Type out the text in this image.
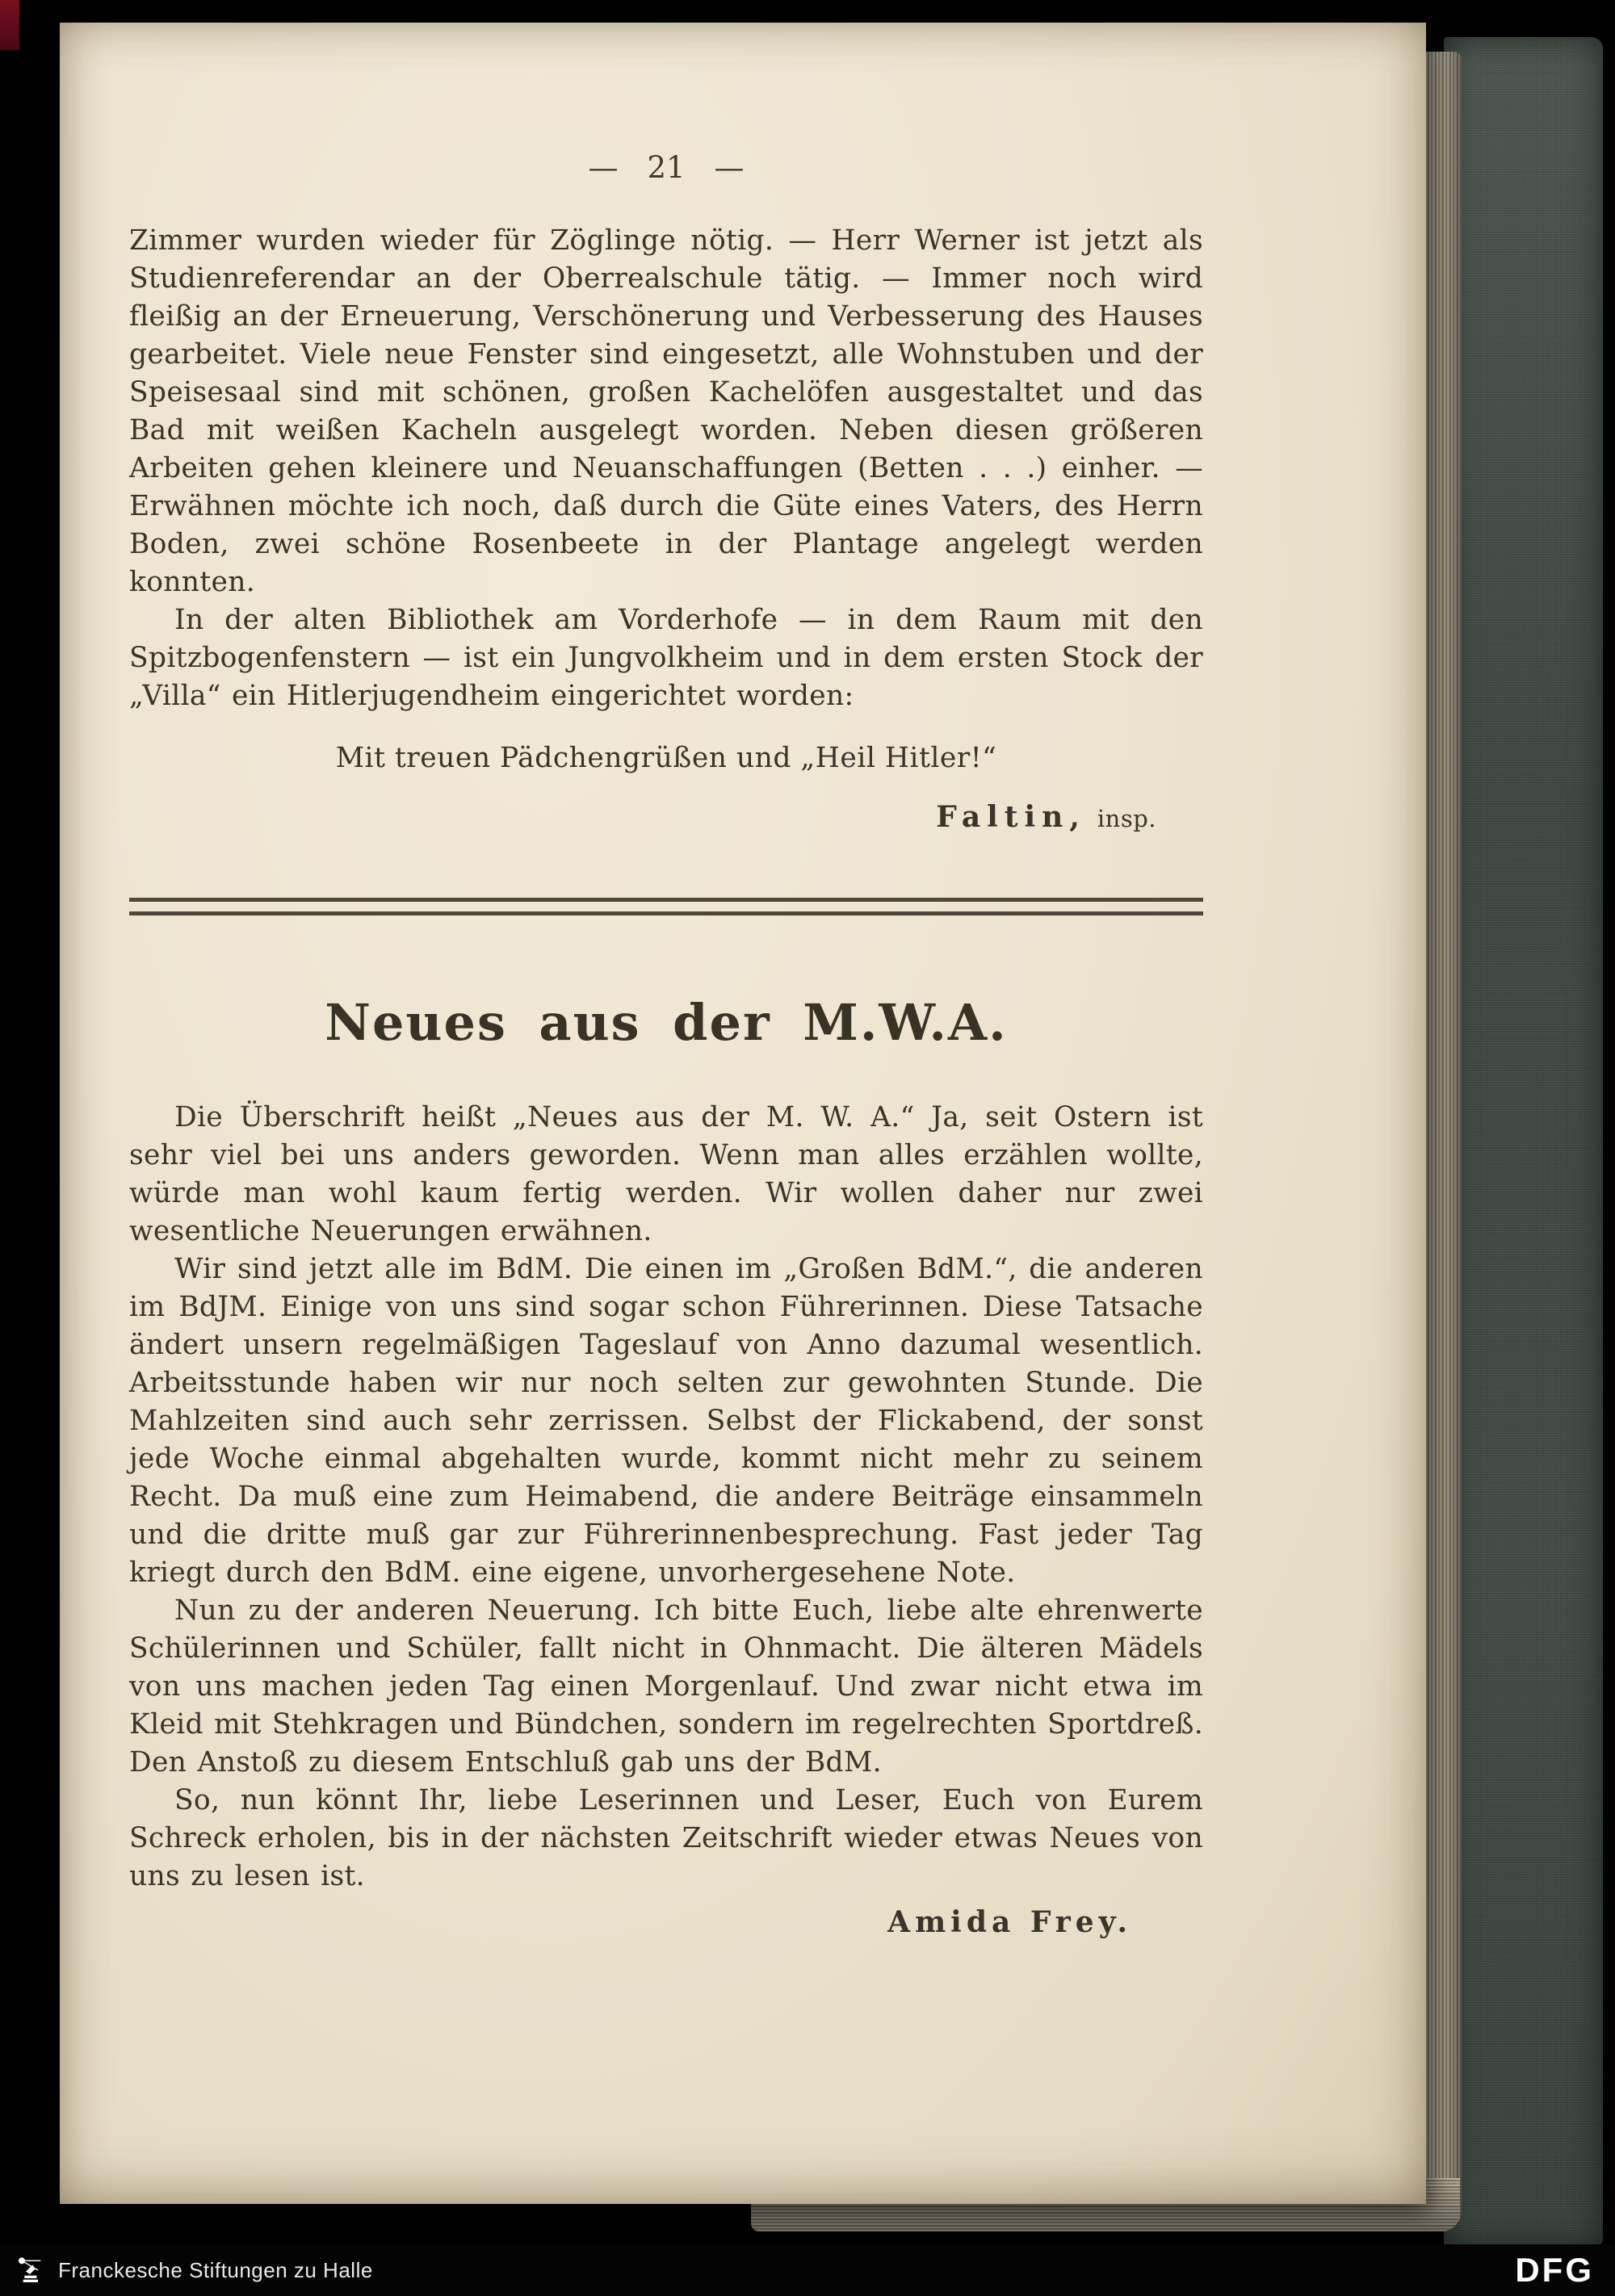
— 21 —

Zimmer wurden wieder für Zöglinge nötig. — Herr Werner ist jetzt als Studienreferendar an der Oberrealschule tätig. — Immer noch wird fleißig an der Erneuerung, Verschönerung und Verbesserung des Hauses gearbeitet. Viele neue Fenster sind eingesetzt, alle Wohnstuben und der Speisesaal sind mit schönen, großen Kachelöfen ausgestaltet und das Bad mit weißen Kacheln ausgelegt worden. Neben diesen größeren Arbeiten gehen kleinere und Neuanschaffungen (Betten . . .) einher. — Erwähnen möchte ich noch, daß durch die Güte eines Vaters, des Herrn Boden, zwei schöne Rosenbeete in der Plantage angelegt werden konnten.

In der alten Bibliothek am Vorderhofe — in dem Raum mit den Spitzbogenfenstern — ist ein Jungvolkheim und in dem ersten Stock der „Villa“ ein Hitlerjugendheim eingerichtet worden:

Mit treuen Pädchengrüßen und „Heil Hitler!“

Faltin, insp.

Neues aus der M.W.A.

Die Überschrift heißt „Neues aus der M. W. A.“ Ja, seit Ostern ist sehr viel bei uns anders geworden. Wenn man alles erzählen wollte, würde man wohl kaum fertig werden. Wir wollen daher nur zwei wesentliche Neuerungen erwähnen.

Wir sind jetzt alle im BdM. Die einen im „Großen BdM.“, die anderen im BdJM. Einige von uns sind sogar schon Führerinnen. Diese Tatsache ändert unsern regelmäßigen Tageslauf von Anno dazumal wesentlich. Arbeitsstunde haben wir nur noch selten zur gewohnten Stunde. Die Mahlzeiten sind auch sehr zerrissen. Selbst der Flickabend, der sonst jede Woche einmal abgehalten wurde, kommt nicht mehr zu seinem Recht. Da muß eine zum Heimabend, die andere Beiträge einsammeln und die dritte muß gar zur Führerinnenbesprechung. Fast jeder Tag kriegt durch den BdM. eine eigene, unvorhergesehene Note.

Nun zu der anderen Neuerung. Ich bitte Euch, liebe alte ehrenwerte Schülerinnen und Schüler, fallt nicht in Ohnmacht. Die älteren Mädels von uns machen jeden Tag einen Morgenlauf. Und zwar nicht etwa im Kleid mit Stehkragen und Bündchen, sondern im regelrechten Sportdreß. Den Anstoß zu diesem Entschluß gab uns der BdM.

So, nun könnt Ihr, liebe Leserinnen und Leser, Euch von Eurem Schreck erholen, bis in der nächsten Zeitschrift wieder etwas Neues von uns zu lesen ist.

Amida Frey.

Franckesche Stiftungen zu Halle	DFG
